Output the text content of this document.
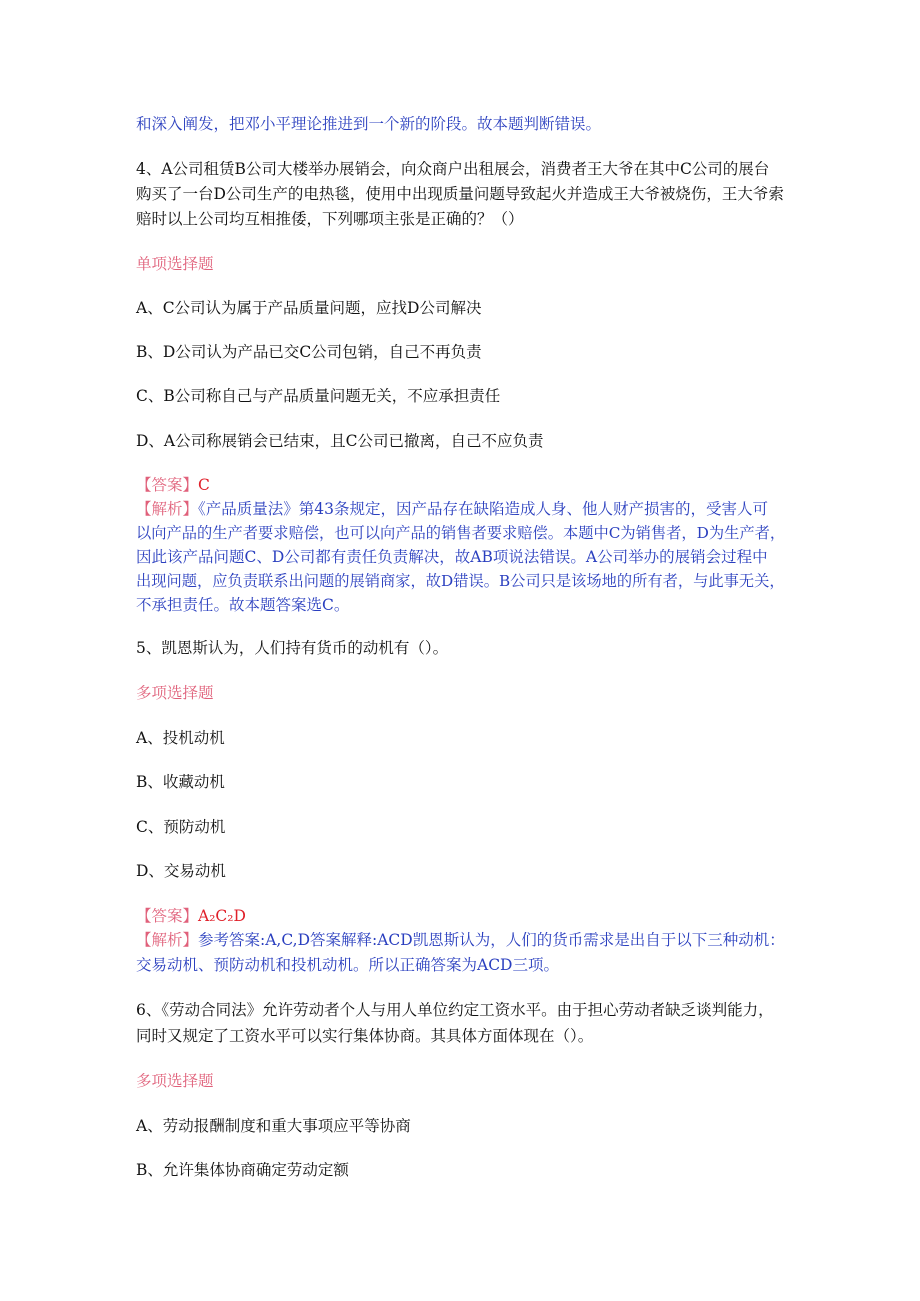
和深入阐发，把邓小平理论推进到一个新的阶段。故本题判断错误。
4、A公司租赁B公司大楼举办展销会，向众商户出租展会，消费者王大爷在其中C公司的展台
购买了一台D公司生产的电热毯，使用中出现质量问题导致起火并造成王大爷被烧伤，王大爷索
赔时以上公司均互相推倭，下列哪项主张是正确的？（）
单项选择题
A、C公司认为属于产品质量问题，应找D公司解决
B、D公司认为产品已交C公司包销，自己不再负责
C、B公司称自己与产品质量问题无关，不应承担责任
D、A公司称展销会已结束，且C公司已撤离，自己不应负责
【答案】C
【解析】《产品质量法》第43条规定，因产品存在缺陷造成人身、他人财产损害的，受害人可
以向产品的生产者要求赔偿，也可以向产品的销售者要求赔偿。本题中C为销售者，D为生产者，
因此该产品问题C、D公司都有责任负责解决，故AB项说法错误。A公司举办的展销会过程中
出现问题，应负责联系出问题的展销商家，故D错误。B公司只是该场地的所有者，与此事无关，
不承担责任。故本题答案选C。
5、凯恩斯认为，人们持有货币的动机有（）。
多项选择题
A、投机动机
B、收藏动机
C、预防动机
D、交易动机
【答案】A₂C₂D
【解析】参考答案:A,C,D答案解释:ACD凯恩斯认为，人们的货币需求是出自于以下三种动机：
交易动机、预防动机和投机动机。所以正确答案为ACD三项。
6、《劳动合同法》允许劳动者个人与用人单位约定工资水平。由于担心劳动者缺乏谈判能力，
同时又规定了工资水平可以实行集体协商。其具体方面体现在（）。
多项选择题
A、劳动报酬制度和重大事项应平等协商
B、允许集体协商确定劳动定额
